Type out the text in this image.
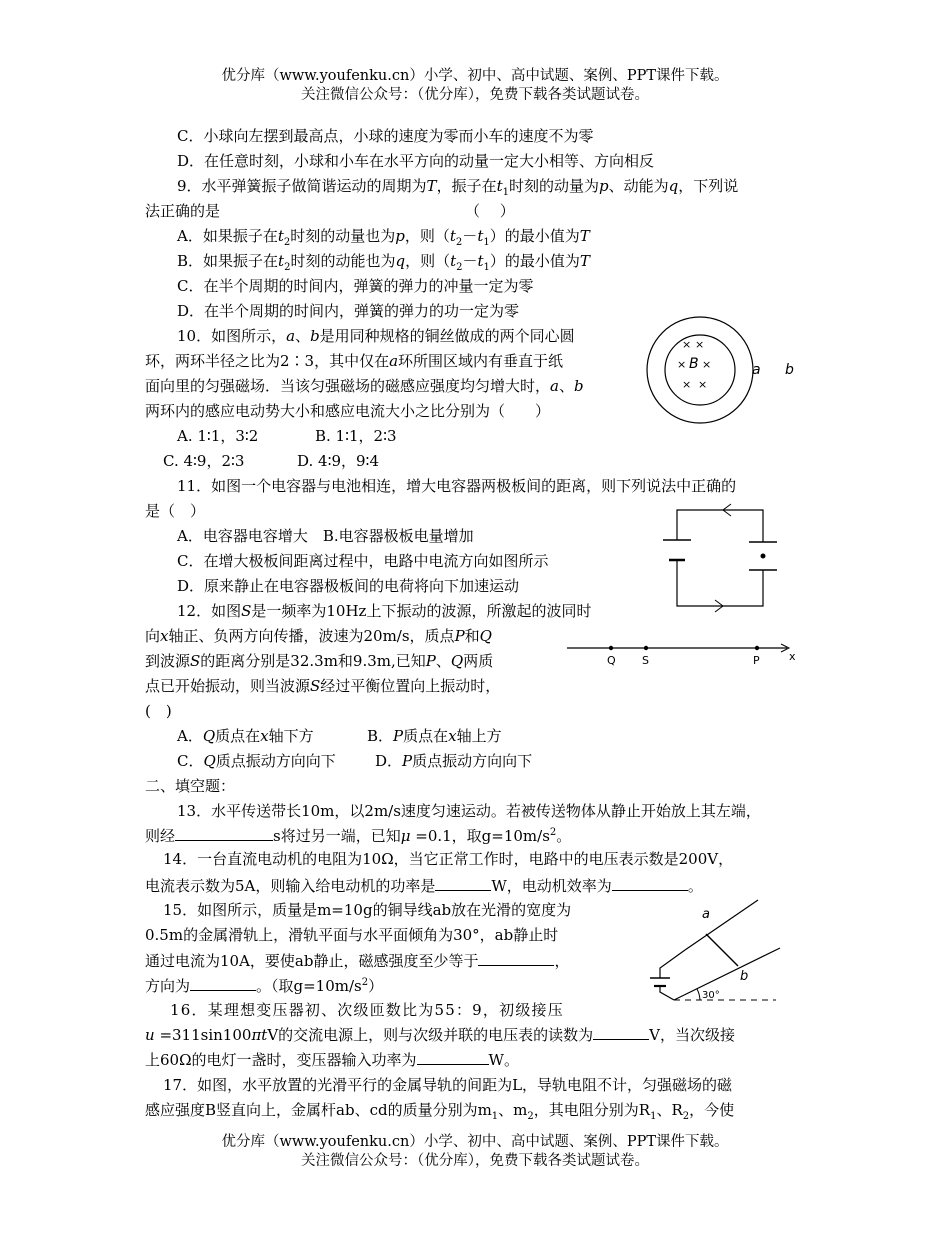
优分库（www.youfenku.cn）小学、初中、高中试题、案例、PPT课件下载。
关注微信公众号：（优分库），免费下载各类试题试卷。
C．小球向左摆到最高点，小球的速度为零而小车的速度不为零
D．在任意时刻，小球和小车在水平方向的动量一定大小相等、方向相反
9．水平弹簧振子做简谐运动的周期为T，振子在$t_1$时刻的动量为p、动能为q，下列说
法正确的是	（　 ）
A．如果振子在$t_2$时刻的动量也为p，则$(t_2-t_1)$的最小值为T
B．如果振子在$t_2$时刻的动能也为q，则$(t_2-t_1)$的最小值为T
C．在半个周期的时间内，弹簧的弹力的冲量一定为零
D．在半个周期的时间内，弹簧的弹力的功一定为零
10．如图所示，a、b是用同种规格的铜丝做成的两个同心圆
环，两环半径之比为2∶3，其中仅在a环所围区域内有垂直于纸
面向里的匀强磁场．当该匀强磁场的磁感应强度均匀增大时，a、b
两环内的感应电动势大小和感应电流大小之比分别为（　　）
A. 1∶1，3∶2	B. 1∶1，2∶3
C. 4∶9，2∶3	D. 4∶9，9∶4
× ×
× ×
× ×
B	a b
11．如图一个电容器与电池相连，增大电容器两极板间的距离，则下列说法中正确的
是（　）
A．电容器电容增大　B.电容器极板电量增加
C．在增大极板间距离过程中，电路中电流方向如图所示
D．原来静止在电容器极板间的电荷将向下加速运动
12．如图S是一频率为10Hz上下振动的波源，所激起的波同时
向x轴正、负两方向传播，波速为20m/s，质点P和Q
到波源S的距离分别是32.3m和9.3m,已知P、Q两质
点已开始振动，则当波源S经过平衡位置向上振动时，
(　)
A．Q质点在x轴下方	B．P质点在x轴上方
C．Q质点振动方向向下	D．P质点振动方向向下
Q S	P	x
二、填空题：
13．水平传送带长10m，以2m/s速度匀速运动。若被传送物体从静止开始放上其左端，
则经	s将过另一端，已知μ =0.1，取$g=10m/s^2$。
14．一台直流电动机的电阻为10Ω，当它正常工作时，电路中的电压表示数是200V，
电流表示数为5A，则输入给电动机的功率是	W，电动机效率为	。
15．如图所示，质量是m=10g的铜导线ab放在光滑的宽度为
0.5m的金属滑轨上，滑轨平面与水平面倾角为30°，ab静止时
通过电流为10A，要使ab静止，磁感强度至少等于	，
方向为	。（取$g=10m/s^2$）
a
b
30°
16．某理想变压器初、次级匝数比为55：9，初级接压
u =311sin100πtV的交流电源上，则与次级并联的电压表的读数为	V，当次级接
上60Ω的电灯一盏时，变压器输入功率为	W。
17．如图，水平放置的光滑平行的金属导轨的间距为L，导轨电阻不计，匀强磁场的磁
感应强度B竖直向上，金属杆ab、cd的质量分别为$m_1$、$m_2$，其电阻分别为$R_1$、$R_2$，今使
优分库（www.youfenku.cn）小学、初中、高中试题、案例、PPT课件下载。
关注微信公众号：（优分库），免费下载各类试题试卷。
